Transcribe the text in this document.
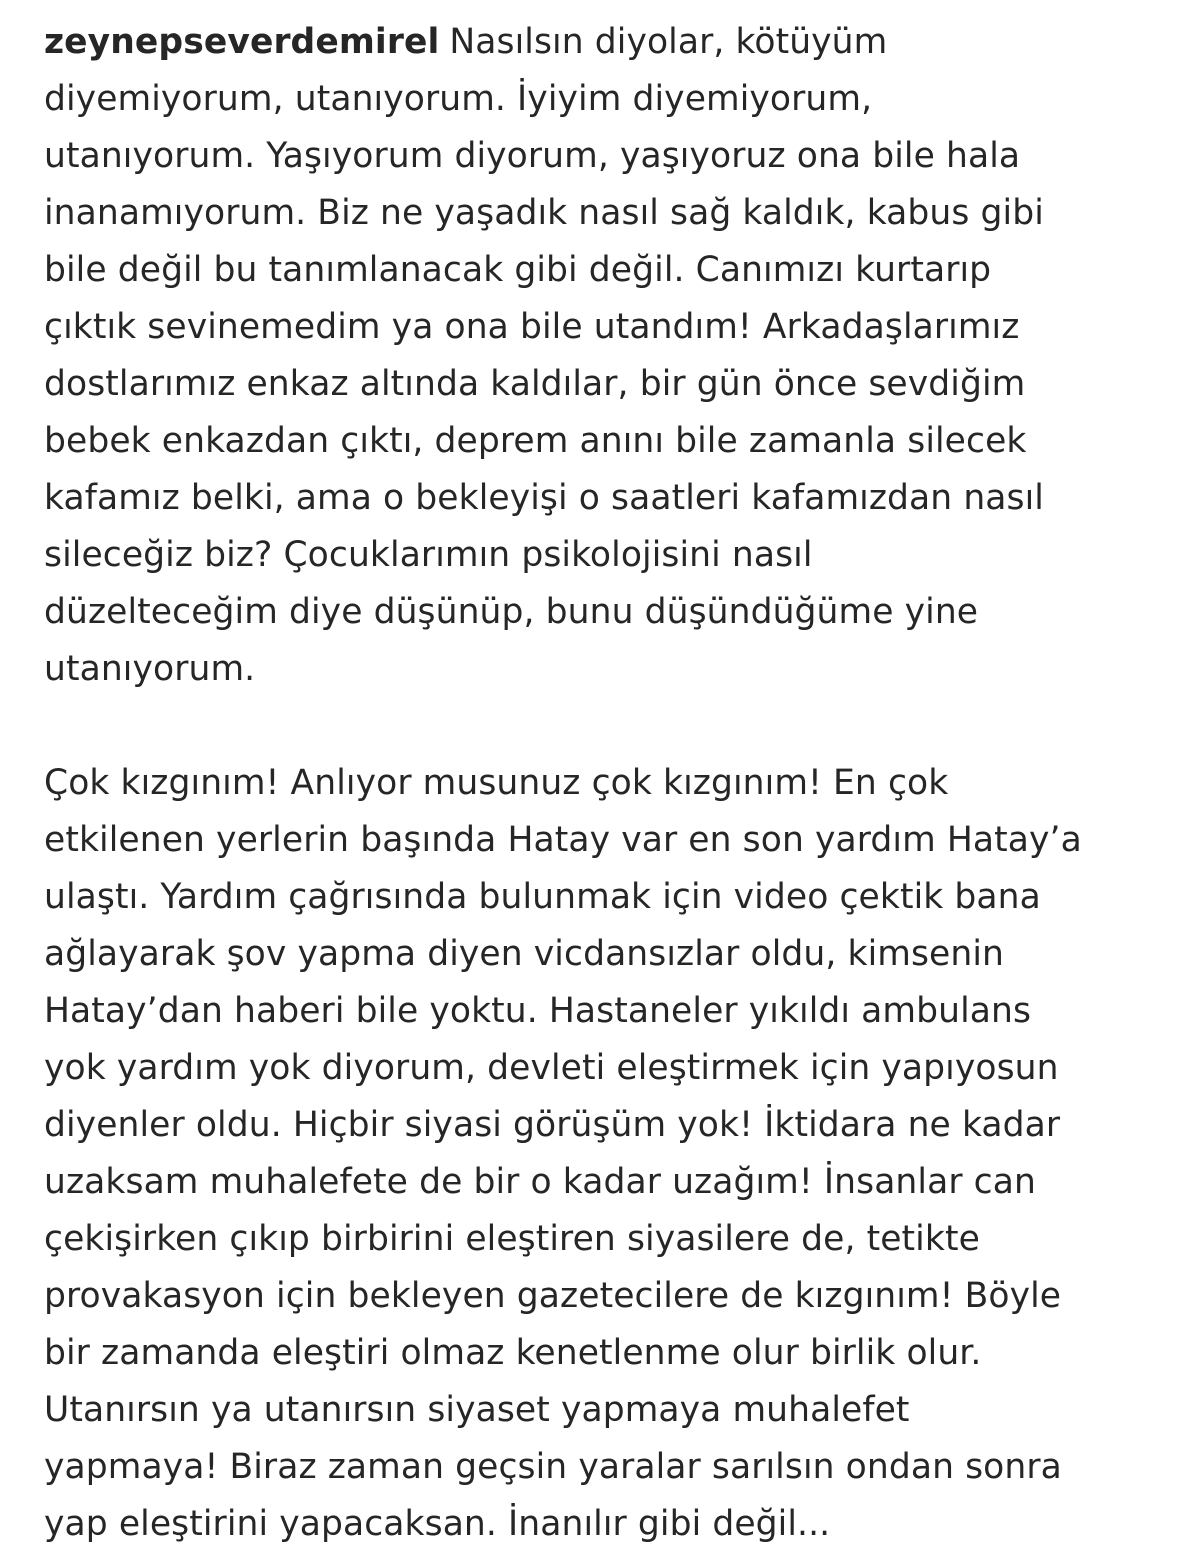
zeynepseverdemirel Nasılsın diyolar, kötüyüm
diyemiyorum, utanıyorum. İyiyim diyemiyorum,
utanıyorum. Yaşıyorum diyorum, yaşıyoruz ona bile hala
inanamıyorum. Biz ne yaşadık nasıl sağ kaldık, kabus gibi
bile değil bu tanımlanacak gibi değil. Canımızı kurtarıp
çıktık sevinemedim ya ona bile utandım! Arkadaşlarımız
dostlarımız enkaz altında kaldılar, bir gün önce sevdiğim
bebek enkazdan çıktı, deprem anını bile zamanla silecek
kafamız belki, ama o bekleyişi o saatleri kafamızdan nasıl
sileceğiz biz? Çocuklarımın psikolojisini nasıl
düzelteceğim diye düşünüp, bunu düşündüğüme yine
utanıyorum.
Çok kızgınım! Anlıyor musunuz çok kızgınım! En çok
etkilenen yerlerin başında Hatay var en son yardım Hatay’a
ulaştı. Yardım çağrısında bulunmak için video çektik bana
ağlayarak şov yapma diyen vicdansızlar oldu, kimsenin
Hatay’dan haberi bile yoktu. Hastaneler yıkıldı ambulans
yok yardım yok diyorum, devleti eleştirmek için yapıyosun
diyenler oldu. Hiçbir siyasi görüşüm yok! İktidara ne kadar
uzaksam muhalefete de bir o kadar uzağım! İnsanlar can
çekişirken çıkıp birbirini eleştiren siyasilere de, tetikte
provakasyon için bekleyen gazetecilere de kızgınım! Böyle
bir zamanda eleştiri olmaz kenetlenme olur birlik olur.
Utanırsın ya utanırsın siyaset yapmaya muhalefet
yapmaya! Biraz zaman geçsin yaralar sarılsın ondan sonra
yap eleştirini yapacaksan. İnanılır gibi değil...
